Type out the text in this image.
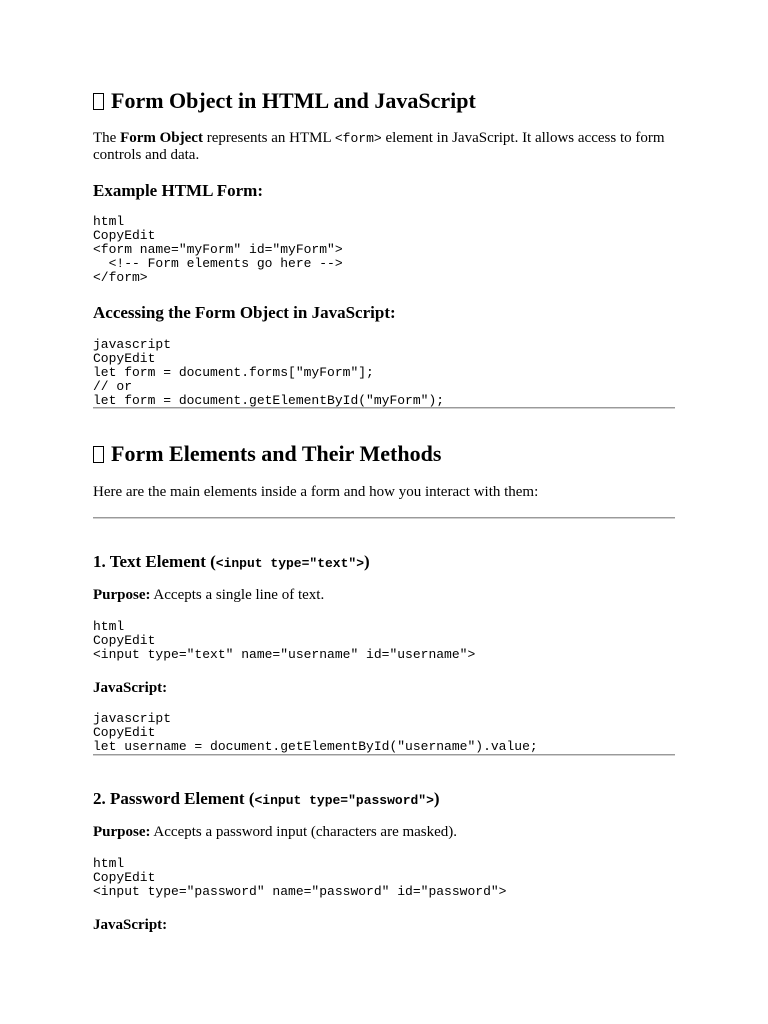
Form Object in HTML and JavaScript

The Form Object represents an HTML <form> element in JavaScript. It allows access to form controls and data.

Example HTML Form:
html
CopyEdit
<form name="myForm" id="myForm">
<!-- Form elements go here -->
</form>
Accessing the Form Object in JavaScript:
javascript
CopyEdit
let form = document.forms["myForm"];
// or
let form = document.getElementById("myForm");
Form Elements and Their Methods

Here are the main elements inside a form and how you interact with them:

1. Text Element (<input type="text">)

Purpose: Accepts a single line of text.

html
CopyEdit
<input type="text" name="username" id="username">

JavaScript:

javascript
CopyEdit
let username = document.getElementById("username").value;
2. Password Element (<input type="password">)

Purpose: Accepts a password input (characters are masked).

html
CopyEdit
<input type="password" name="password" id="password">

JavaScript:
